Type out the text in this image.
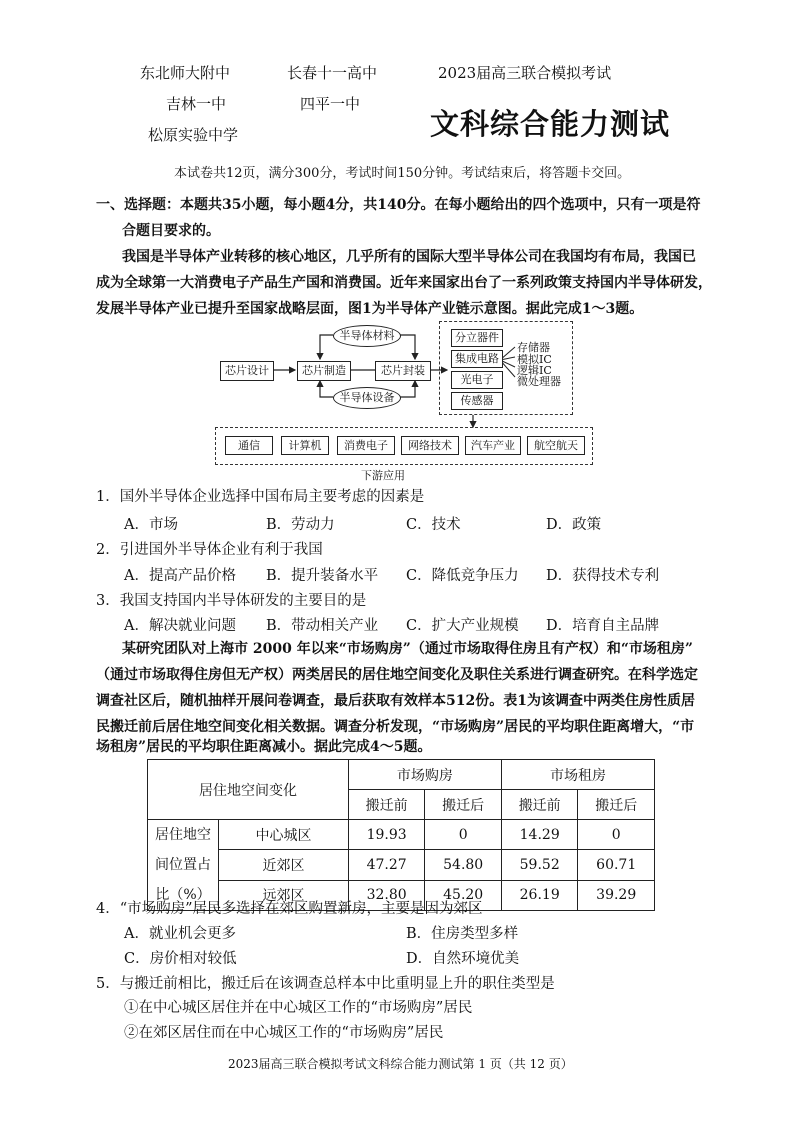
东北师大附中	长春十一高中	2023届高三联合模拟考试
吉林一中	四平一中
文科综合能力测试
松原实验中学
本试卷共12页，满分300分，考试时间150分钟。考试结束后，将答题卡交回。
一、选择题：本题共35小题，每小题4分，共140分。在每小题给出的四个选项中，只有一项是符
合题目要求的。
我国是半导体产业转移的核心地区，几乎所有的国际大型半导体公司在我国均有布局，我国已
成为全球第一大消费电子产品生产国和消费国。近年来国家出台了一系列政策支持国内半导体研发，
发展半导体产业已提升至国家战略层面，图1为半导体产业链示意图。据此完成1～3题。
芯片设计	芯片制造	芯片封装
半导体材料
半导体设备
分立器件
集成电路
光电子
传感器
存储器
模拟IC
逻辑IC
微处理器
通信	计算机	消费电子	网络技术	汽车产业	航空航天
下游应用
1．国外半导体企业选择中国布局主要考虑的因素是
A．市场	B．劳动力	C．技术	D．政策
2．引进国外半导体企业有利于我国
A．提高产品价格 B．提升装备水平 C．降低竞争压力 D．获得技术专利
3．我国支持国内半导体研发的主要目的是
A．解决就业问题 B．带动相关产业 C．扩大产业规模 D．培育自主品牌
某研究团队对上海市 2000 年以来“市场购房”（通过市场取得住房且有产权）和“市场租房”
（通过市场取得住房但无产权）两类居民的居住地空间变化及职住关系进行调查研究。在科学选定
调查社区后，随机抽样开展问卷调查，最后获取有效样本512份。表1为该调查中两类住房性质居
民搬迁前后居住地空间变化相关数据。调查分析发现，“市场购房”居民的平均职住距离增大，“市
场租房”居民的平均职住距离减小。据此完成4～5题。
居住地空间变化		市场购房		市场租房	
		搬迁前	搬迁后	搬迁前	搬迁后

居住地空
间位置占
比（%）	中心城区	19.93	0	14.29	0
	近郊区	47.27	54.80	59.52	60.71
	远郊区	32.80	45.20	26.19	39.29
4．“市场购房”居民多选择在郊区购置新房，主要是因为郊区
A．就业机会更多	B．住房类型多样
C．房价相对较低	D．自然环境优美
5．与搬迁前相比，搬迁后在该调查总样本中比重明显上升的职住类型是
①在中心城区居住并在中心城区工作的“市场购房”居民
②在郊区居住而在中心城区工作的“市场购房”居民
2023届高三联合模拟考试文科综合能力测试第 1 页（共 12 页）
